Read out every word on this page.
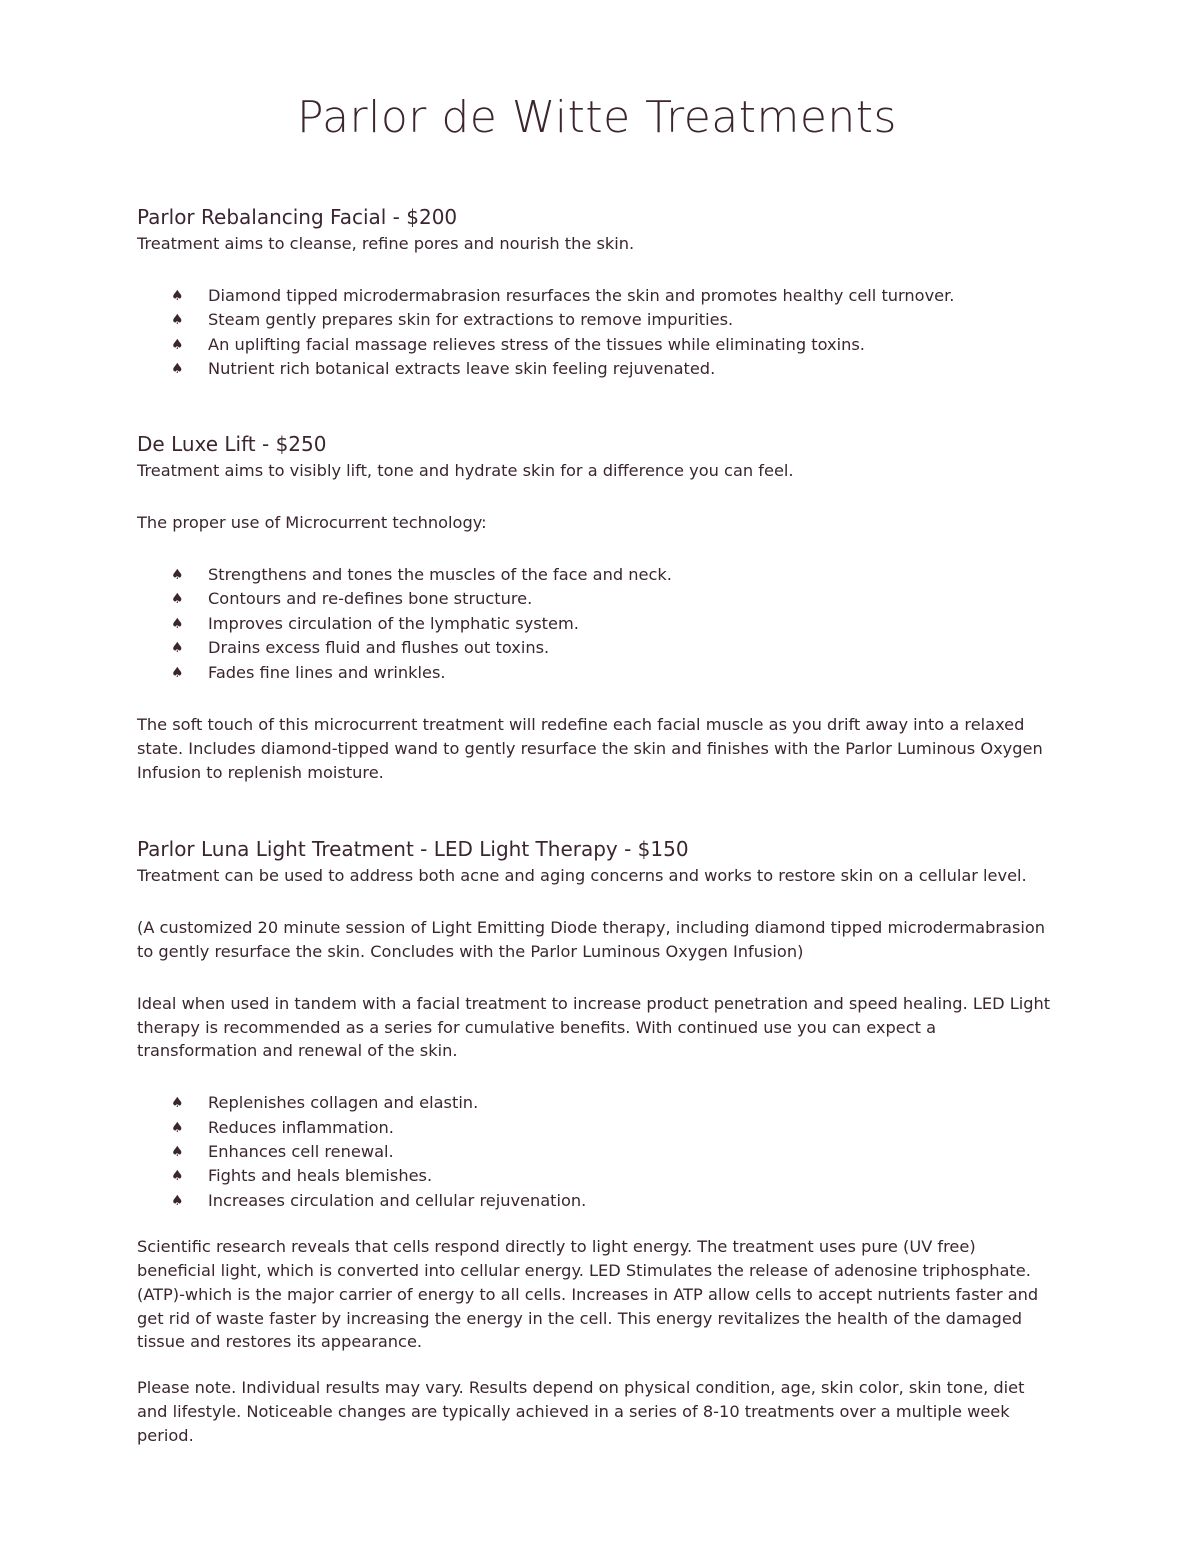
Parlor de Witte Treatments
Parlor Rebalancing Facial - $200

Treatment aims to cleanse, refine pores and nourish the skin.

♠ Diamond tipped microdermabrasion resurfaces the skin and promotes healthy cell turnover.
♠ Steam gently prepares skin for extractions to remove impurities.
♠ An uplifting facial massage relieves stress of the tissues while eliminating toxins.
♠ Nutrient rich botanical extracts leave skin feeling rejuvenated.
De Luxe Lift - $250

Treatment aims to visibly lift, tone and hydrate skin for a difference you can feel.

The proper use of Microcurrent technology:

♠ Strengthens and tones the muscles of the face and neck.
♠ Contours and re-defines bone structure.
♠ Improves circulation of the lymphatic system.
♠ Drains excess fluid and flushes out toxins.
♠ Fades fine lines and wrinkles.

The soft touch of this microcurrent treatment will redefine each facial muscle as you drift away into a relaxed state. Includes diamond-tipped wand to gently resurface the skin and finishes with the Parlor Luminous Oxygen Infusion to replenish moisture.

Parlor Luna Light Treatment - LED Light Therapy - $150

Treatment can be used to address both acne and aging concerns and works to restore skin on a cellular level.

(A customized 20 minute session of Light Emitting Diode therapy, including diamond tipped microdermabrasion to gently resurface the skin. Concludes with the Parlor Luminous Oxygen Infusion)

Ideal when used in tandem with a facial treatment to increase product penetration and speed healing. LED Light therapy is recommended as a series for cumulative benefits. With continued use you can expect a transformation and renewal of the skin.

♠ Replenishes collagen and elastin.
♠ Reduces inflammation.
♠ Enhances cell renewal.
♠ Fights and heals blemishes.
♠ Increases circulation and cellular rejuvenation.

Scientific research reveals that cells respond directly to light energy. The treatment uses pure (UV free) beneficial light, which is converted into cellular energy. LED Stimulates the release of adenosine triphosphate. (ATP)-which is the major carrier of energy to all cells. Increases in ATP allow cells to accept nutrients faster and get rid of waste faster by increasing the energy in the cell. This energy revitalizes the health of the damaged tissue and restores its appearance.

Please note. Individual results may vary. Results depend on physical condition, age, skin color, skin tone, diet and lifestyle. Noticeable changes are typically achieved in a series of 8-10 treatments over a multiple week period.
